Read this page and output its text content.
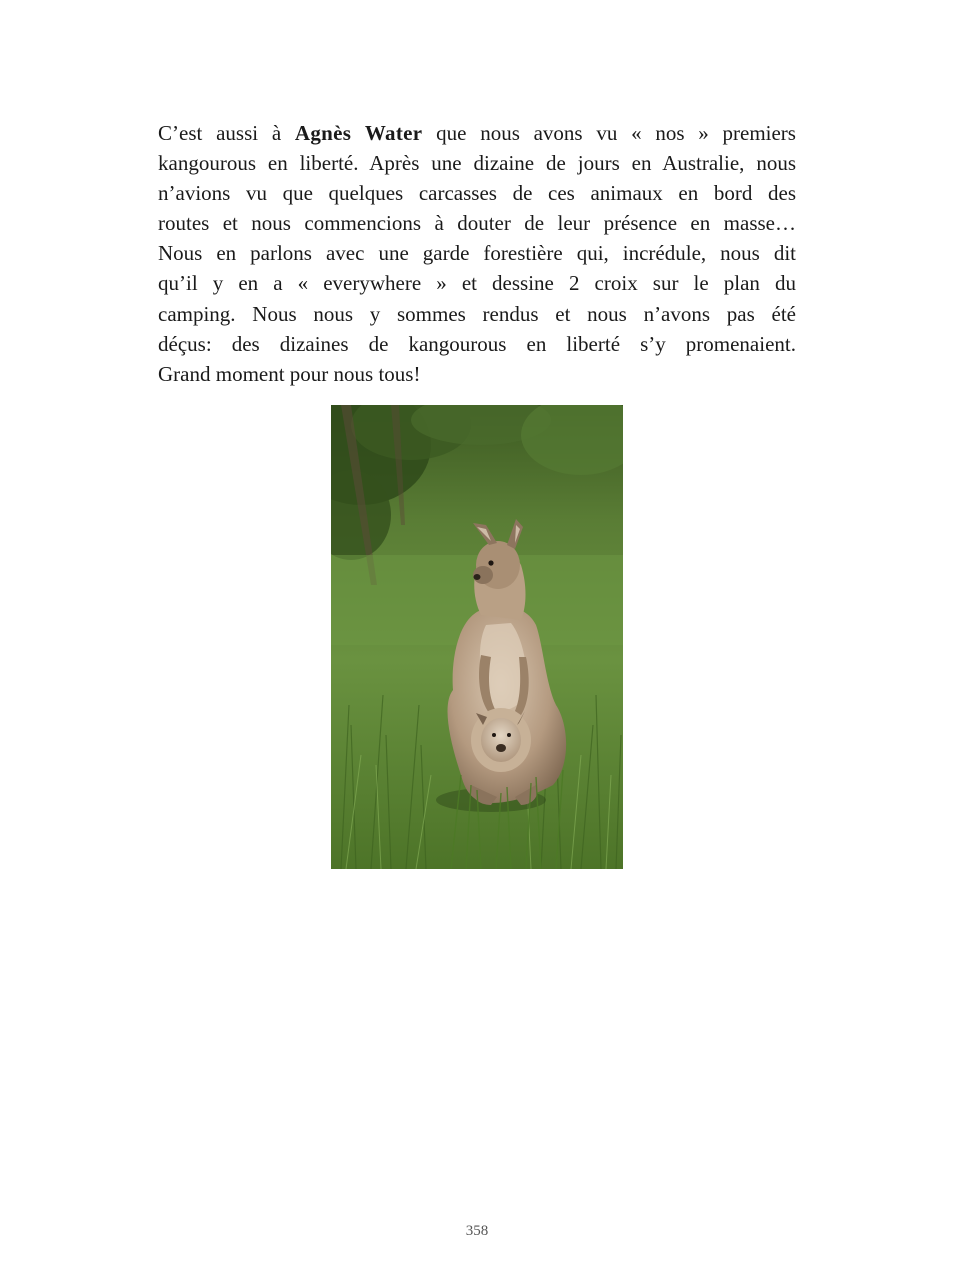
C’est aussi à Agnès Water que nous avons vu « nos » premiers
kangourous en liberté. Après une dizaine de jours en Australie, nous
n’avions vu que quelques carcasses de ces animaux en bord des
routes et nous commencions à douter de leur présence en masse…
Nous en parlons avec une garde forestière qui, incrédule, nous dit
qu’il y en a « everywhere » et dessine 2 croix sur le plan du
camping. Nous nous y sommes rendus et nous n’avons pas été
déçus: des dizaines de kangourous en liberté s’y promenaient.
Grand moment pour nous tous!
358
